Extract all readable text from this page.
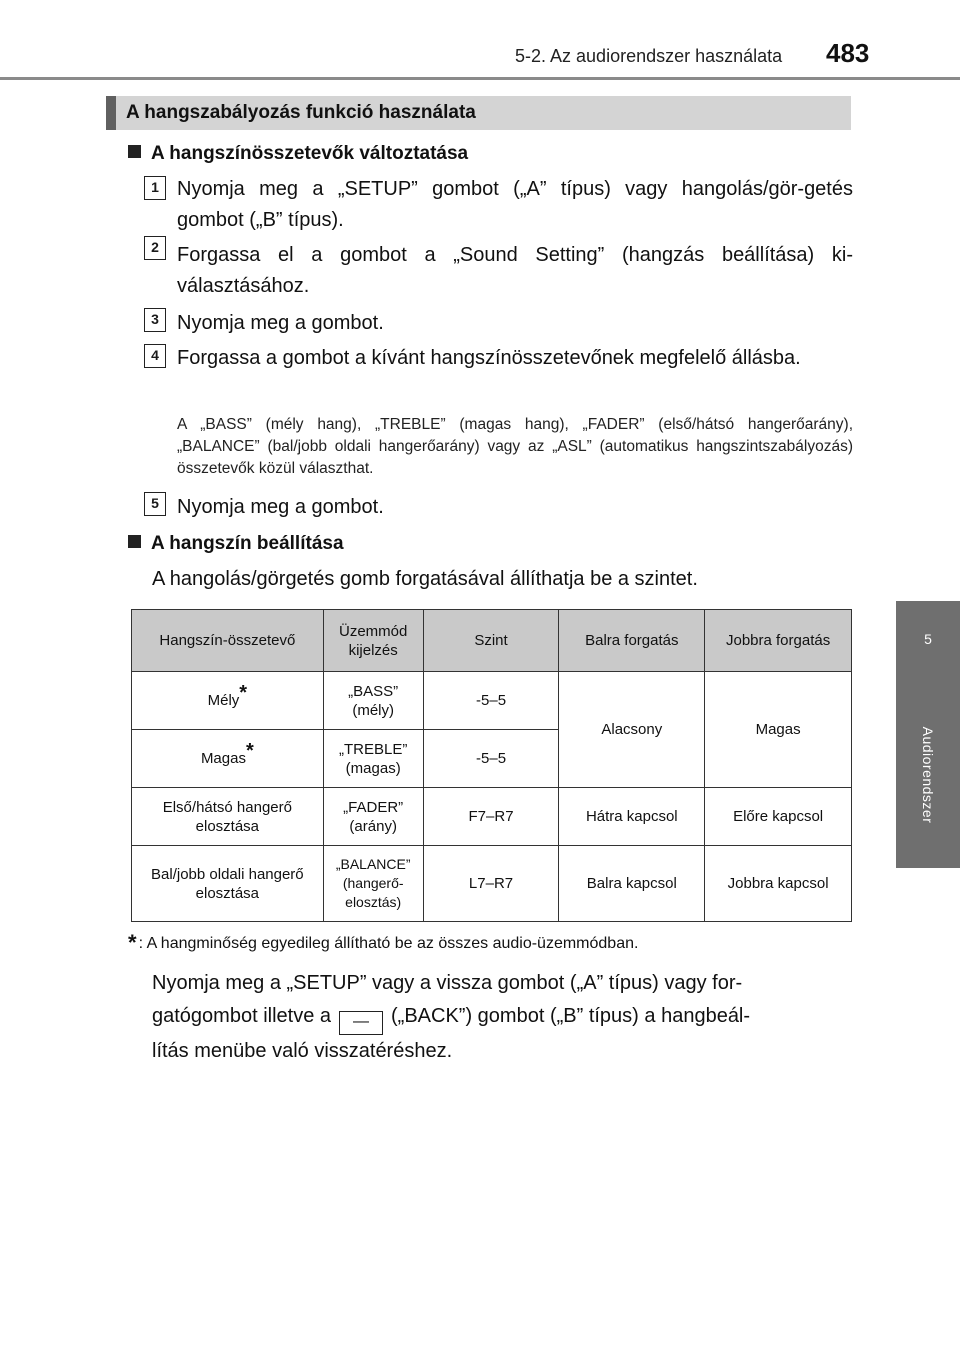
5-2. Az audiorendszer használata 483
5
Audiorendszer
A hangszabályozás funkció használata
A hangszínösszetevők változtatása
1 Nyomja meg a „SETUP” gombot („A” típus) vagy hangolás/gör-getés gombot („B” típus).
2 Forgassa el a gombot a „Sound Setting” (hangzás beállítása) ki-választásához.
3 Nyomja meg a gombot.
4 Forgassa a gombot a kívánt hangszínösszetevőnek megfelelő állásba.
A „BASS” (mély hang), „TREBLE” (magas hang), „FADER” (első/hátsó hangerőarány), „BALANCE” (bal/jobb oldali hangerőarány) vagy az „ASL” (automatikus hangszintszabályozás) összetevők közül választhat.
5 Nyomja meg a gombot.
A hangszín beállítása
A hangolás/görgetés gomb forgatásával állíthatja be a szintet.
Hangszín-összetevő	Üzemmód kijelzés	Szint	Balra forgatás	Jobbra forgatás
Mély*	„BASS” (mély)	-5–5	Alacsony	Magas
Magas*	„TREBLE” (magas)	-5–5		
Első/hátsó hangerő elosztása	„FADER” (arány)	F7–R7	Hátra kapcsol	Előre kapcsol
Bal/jobb oldali hangerő elosztása	„BALANCE” (hangerő-elosztás)	L7–R7	Balra kapcsol	Jobbra kapcsol
* : A hangminőség egyedileg állítható be az összes audio-üzemmódban.
Nyomja meg a „SETUP” vagy a vissza gombot („A” típus) vagy for-
gatógombot illetve a — („BACK”) gombot („B” típus) a hangbeál-
lítás menübe való visszatéréshez.
